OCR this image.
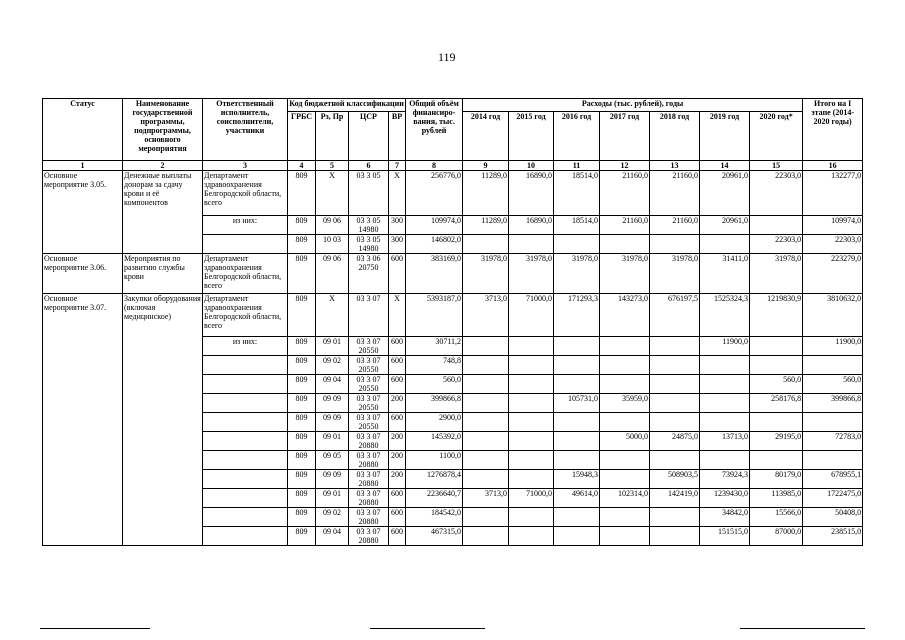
119
Статус	Наименование государственной программы, подпрограммы, основного мероприятия	Ответственный исполнитель, соисполнители, участники	Код бюджетной классификации				Общий объём финансиро-вания, тыс. рублей	Расходы (тыс. рублей), годы							Итого на I этапе (2014-2020 годы)
			ГРБС	Рз, Пр	ЦСР	ВР		2014 год	2015 год	2016 год	2017 год	2018 год	2019 год	2020 год*	
1	2	3	4	5	6	7	8	9	10	11	12	13	14	15	16
Основное мероприятие 3.05.	Денежные выплаты донорам за сдачу крови и её компонентов	Департамент здравоохранения Белгородской области, всего	809	X	03 3 05	X	256776,0	11289,0	16890,0	18514,0	21160,0	21160,0	20961,0	22303,0	132277,0
		из них:	809	09 06	03 3 05 14980	300	109974,0	11289,0	16890,0	18514,0	21160,0	21160,0	20961,0		109974,0
			809	10 03	03 3 05 14980	300	146802,0							22303,0	22303,0
Основное мероприятие 3.06.	Мероприятия по развитию службы крови	Департамент здравоохранения Белгородской области, всего	809	09 06	03 3 06 20750	600	383169,0	31978,0	31978,0	31978,0	31978,0	31978,0	31411,0	31978,0	223279,0
Основное мероприятие 3.07.	Закупки оборудования (включая медицинское)	Департамент здравоохранения Белгородской области, всего	809	X	03 3 07	X	5393187,0	3713,0	71000,0	171293,3	143273,0	676197,5	1525324,3	1219830,9	3810632,0
		из них:	809	09 01	03 3 07 20550	600	30711,2						11900,0		11900,0
			809	09 02	03 3 07 20550	600	748,8								
			809	09 04	03 3 07 20550	600	560,0							560,0	560,0
			809	09 09	03 3 07 20550	200	399866,8			105731,0	35959,0			258176,8	399866,8
			809	09 09	03 3 07 20550	600	2900,0								
			809	09 01	03 3 07 20880	200	145392,0				5000,0	24875,0	13713,0	29195,0	72783,0
			809	09 05	03 3 07 20880	200	1100,0								
			809	09 09	03 3 07 20880	200	1276878,4			15948,3		508903,5	73924,3	80179,0	678955,1
			809	09 01	03 3 07 20880	600	2236640,7	3713,0	71000,0	49614,0	102314,0	142419,0	1239430,0	113985,0	1722475,0
			809	09 02	03 3 07 20880	600	184542,0						34842,0	15566,0	50408,0
			809	09 04	03 3 07 20880	600	467315,0						151515,0	87000,0	238515,0
